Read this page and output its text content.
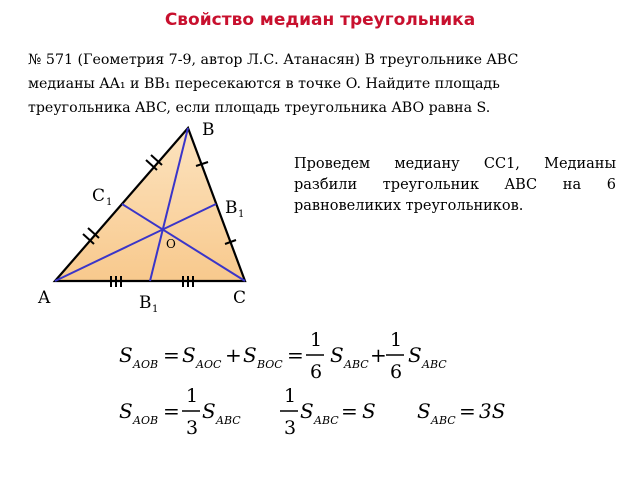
Свойство медиан треугольника
№ 571 (Геометрия 7-9, автор Л.С. Атанасян) В треугольнике ABC
медианы AA₁ и BB₁ пересекаются в точке O. Найдите площадь
треугольника ABC, если площадь треугольника ABO равна S.
Проведем медиану CC1, Медианы
разбили треугольник ABC на 6
равновеликих треугольников.
B
A	C
O
C 1	B 1
B 1
S AOB = S AOC + S BOC =
1
6
S ABC +
1
6
S ABC
S AOB =
1
3
S ABC
1
3
S ABC = S S ABC = 3S
